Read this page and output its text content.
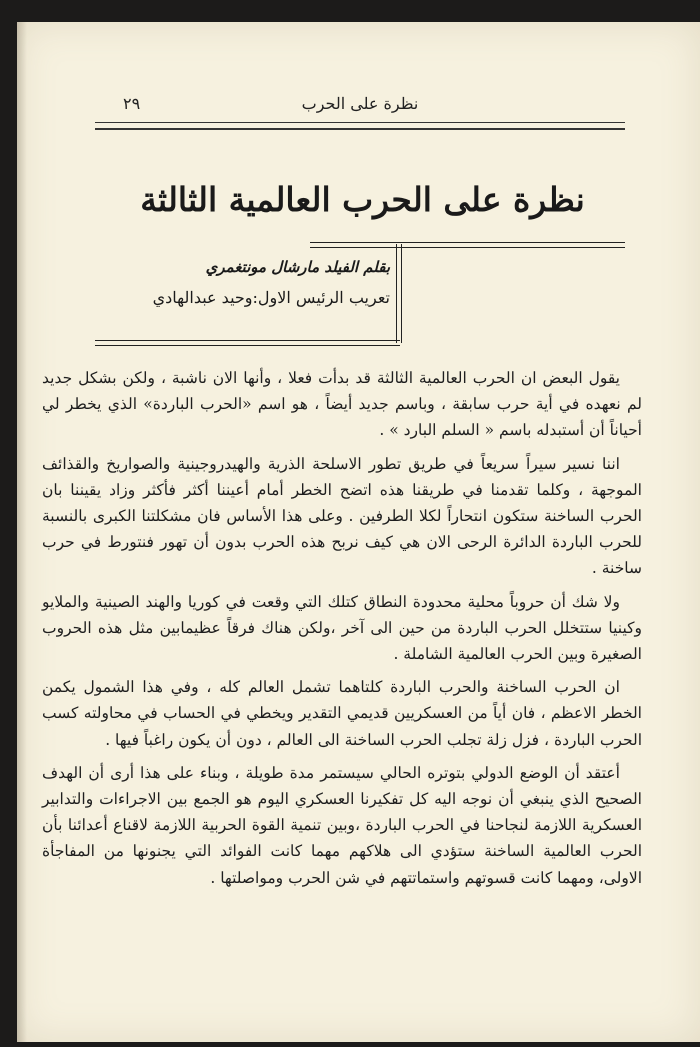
٢٩	نظرة على الحرب
نظرة على الحرب العالمية الثالثة
بقلم الفيلد مارشال مونتغمري
تعريب الرئيس الاول:وحيد عبدالهادي

يقول البعض ان الحرب العالمية الثالثة قد بدأت فعلا ، وأنها الان ناشبة ، ولكن بشكل جديد لم نعهده في أية حرب سابقة ، وباسم جديد أيضاً ، هو اسم «الحرب الباردة» الذي يخطر لي أحياناً أن أستبدله باسم « السلم البارد » .

اننا نسير سيراً سريعاً في طريق تطور الاسلحة الذرية والهيدروجينية والصواريخ والقذائف الموجهة ، وكلما تقدمنا في طريقنا هذه اتضح الخطر أمام أعيننا أكثر فأكثر وزاد يقيننا بان الحرب الساخنة ستكون انتحاراً لكلا الطرفين . وعلى هذا الأساس فان مشكلتنا الكبرى بالنسبة للحرب الباردة الدائرة الرحى الان هي كيف نربح هذه الحرب بدون أن تهور فنتورط في حرب ساخنة .

ولا شك أن حروباً محلية محدودة النطاق كتلك التي وقعت في كوريا والهند الصينية والملايو وكينيا ستتخلل الحرب الباردة من حين الى آخر ،ولكن هناك فرقاً عظيمابين مثل هذه الحروب الصغيرة وبين الحرب العالمية الشاملة .

ان الحرب الساخنة والحرب الباردة كلتاهما تشمل العالم كله ، وفي هذا الشمول يكمن الخطر الاعظم ، فان أياً من العسكريين قديمي التقدير ويخطي في الحساب في محاولته كسب الحرب الباردة ، فزل زلة تجلب الحرب الساخنة الى العالم ، دون أن يكون راغباً فيها .

أعتقد أن الوضع الدولي بتوتره الحالي سيستمر مدة طويلة ، وبناء على هذا أرى أن الهدف الصحيح الذي ينبغي أن نوجه اليه كل تفكيرنا العسكري اليوم هو الجمع بين الاجراءات والتدابير العسكرية اللازمة لنجاحنا في الحرب الباردة ،وبين تنمية القوة الحربية اللازمة لاقناع أعدائنا بأن الحرب العالمية الساخنة ستؤدي الى هلاكهم مهما كانت الفوائد التي يجنونها من المفاجأة الاولى، ومهما كانت قسوتهم واستماتتهم في شن الحرب ومواصلتها .
